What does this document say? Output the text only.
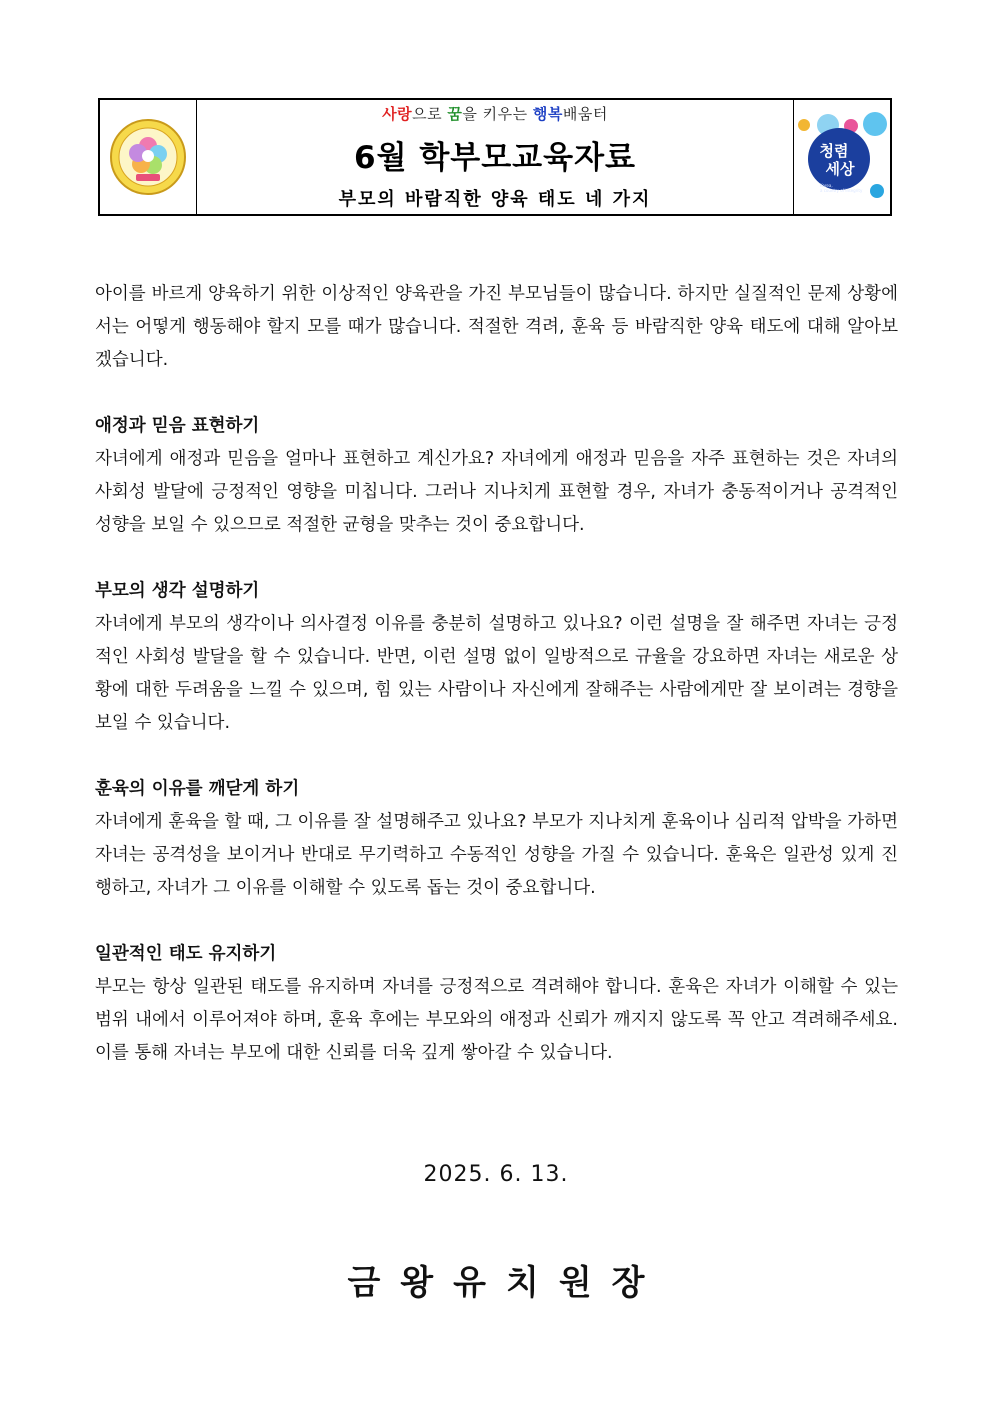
사랑으로 꿈을 키우는 행복배움터
6월 학부모교육자료
부모의 바람직한 양육 태도 네 가지
청렴
세상
Korea,
a country of integrity

아이를 바르게 양육하기 위한 이상적인 양육관을 가진 부모님들이 많습니다. 하지만 실질적인 문제 상황에서는 어떻게 행동해야 할지 모를 때가 많습니다. 적절한 격려, 훈육 등 바람직한 양육 태도에 대해 알아보겠습니다.

애정과 믿음 표현하기

자녀에게 애정과 믿음을 얼마나 표현하고 계신가요? 자녀에게 애정과 믿음을 자주 표현하는 것은 자녀의 사회성 발달에 긍정적인 영향을 미칩니다. 그러나 지나치게 표현할 경우, 자녀가 충동적이거나 공격적인 성향을 보일 수 있으므로 적절한 균형을 맞추는 것이 중요합니다.

부모의 생각 설명하기

자녀에게 부모의 생각이나 의사결정 이유를 충분히 설명하고 있나요? 이런 설명을 잘 해주면 자녀는 긍정적인 사회성 발달을 할 수 있습니다. 반면, 이런 설명 없이 일방적으로 규율을 강요하면 자녀는 새로운 상황에 대한 두려움을 느낄 수 있으며, 힘 있는 사람이나 자신에게 잘해주는 사람에게만 잘 보이려는 경향을 보일 수 있습니다.

훈육의 이유를 깨닫게 하기

자녀에게 훈육을 할 때, 그 이유를 잘 설명해주고 있나요? 부모가 지나치게 훈육이나 심리적 압박을 가하면 자녀는 공격성을 보이거나 반대로 무기력하고 수동적인 성향을 가질 수 있습니다. 훈육은 일관성 있게 진행하고, 자녀가 그 이유를 이해할 수 있도록 돕는 것이 중요합니다.

일관적인 태도 유지하기

부모는 항상 일관된 태도를 유지하며 자녀를 긍정적으로 격려해야 합니다. 훈육은 자녀가 이해할 수 있는 범위 내에서 이루어져야 하며, 훈육 후에는 부모와의 애정과 신뢰가 깨지지 않도록 꼭 안고 격려해주세요. 이를 통해 자녀는 부모에 대한 신뢰를 더욱 깊게 쌓아갈 수 있습니다.

2025. 6. 13.
금왕유치원장
